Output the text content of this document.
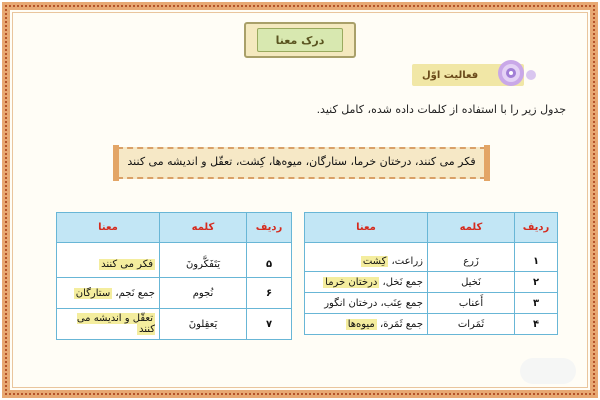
درک معنا
فعالیت اوّل
جدول زیر را با استفاده از کلمات داده شده، کامل کنید.
فکر می کنند، درختان خرما، ستارگان، میوه‌ها، کِشت، تعقّل و اندیشه می کنند
ردیف	کلمه	معنا
۱	زَرع	زراعت، کِشت
۲	نَخیل	جمع نَخل، درختان خرما
۳	أَعناب	جمع عِنَب، درختان انگور
۴	ثَمَرات	جمع ثَمَرة، میوه‌ها
ردیف	کلمه	معنا
۵	یَتَفَکَّرونَ	فکر می کنند
۶	نُجوم	جمع نَجم، ستارگان
۷	یَعقِلونَ	تعقّل و اندیشه می کنند
